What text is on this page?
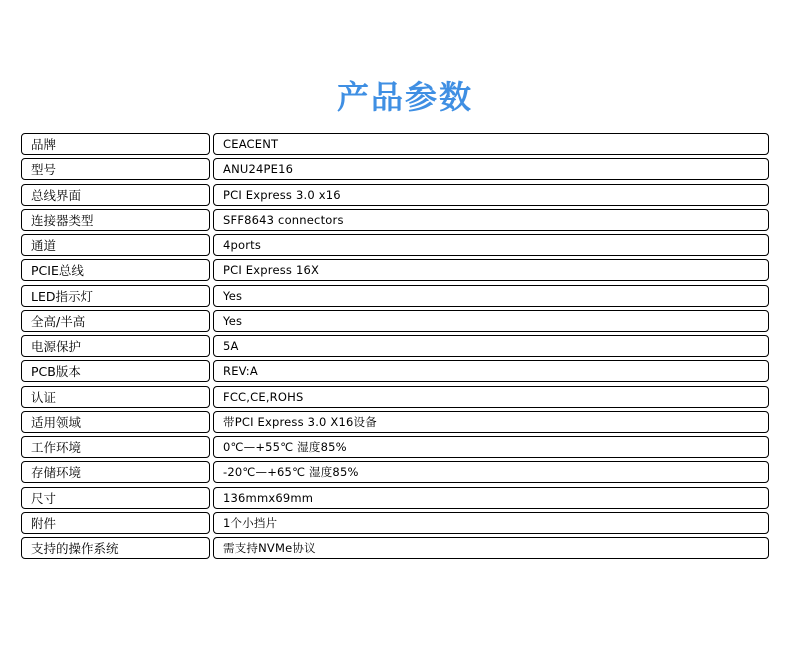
产品参数
品牌	CEACENT
型号	ANU24PE16
总线界面	PCI Express 3.0 x16
连接器类型	SFF8643 connectors
通道	4ports
PCIE总线	PCI Express 16X
LED指示灯	Yes
全高/半高	Yes
电源保护	5A
PCB版本	REV:A
认证	FCC,CE,ROHS
适用领域	带PCI Express 3.0 X16设备
工作环境	0℃—+55℃ 湿度85%
存储环境	-20℃—+65℃ 湿度85%
尺寸	136mmx69mm
附件	1个小挡片
支持的操作系统	需支持NVMe协议
